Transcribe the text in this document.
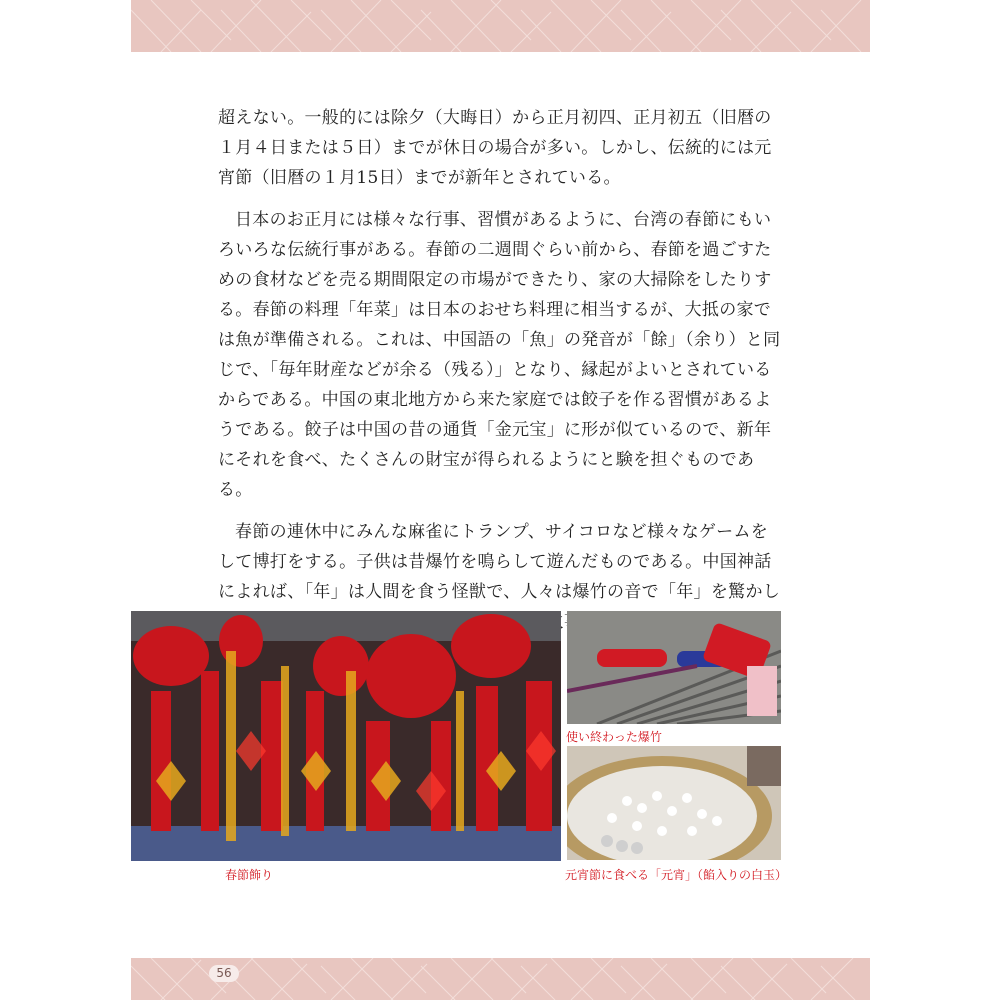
超えない。一般的には除夕（大晦日）から正月初四、正月初五（旧暦の１月４日または５日）までが休日の場合が多い。しかし、伝統的には元宵節（旧暦の１月15日）までが新年とされている。

日本のお正月には様々な行事、習慣があるように、台湾の春節にもいろいろな伝統行事がある。春節の二週間ぐらい前から、春節を過ごすための食材などを売る期間限定の市場ができたり、家の大掃除をしたりする。春節の料理「年菜」は日本のおせち料理に相当するが、大抵の家では魚が準備される。これは、中国語の「魚」の発音が「餘」（余り）と同じで、「毎年財産などが余る（残る）」となり、縁起がよいとされているからである。中国の東北地方から来た家庭では餃子を作る習慣があるようである。餃子は中国の昔の通貨「金元宝」に形が似ているので、新年にそれを食べ、たくさんの財宝が得られるようにと験を担ぐものである。

春節の連休中にみんな麻雀にトランプ、サイコロなど様々なゲームをして博打をする。子供は昔爆竹を鳴らして遊んだものである。中国神話によれば、「年」は人間を食う怪獣で、人々は爆竹の音で「年」を驚かし

使い終わった爆竹
春節飾り	元宵節に食べる「元宵」（餡入りの白玉）
56
